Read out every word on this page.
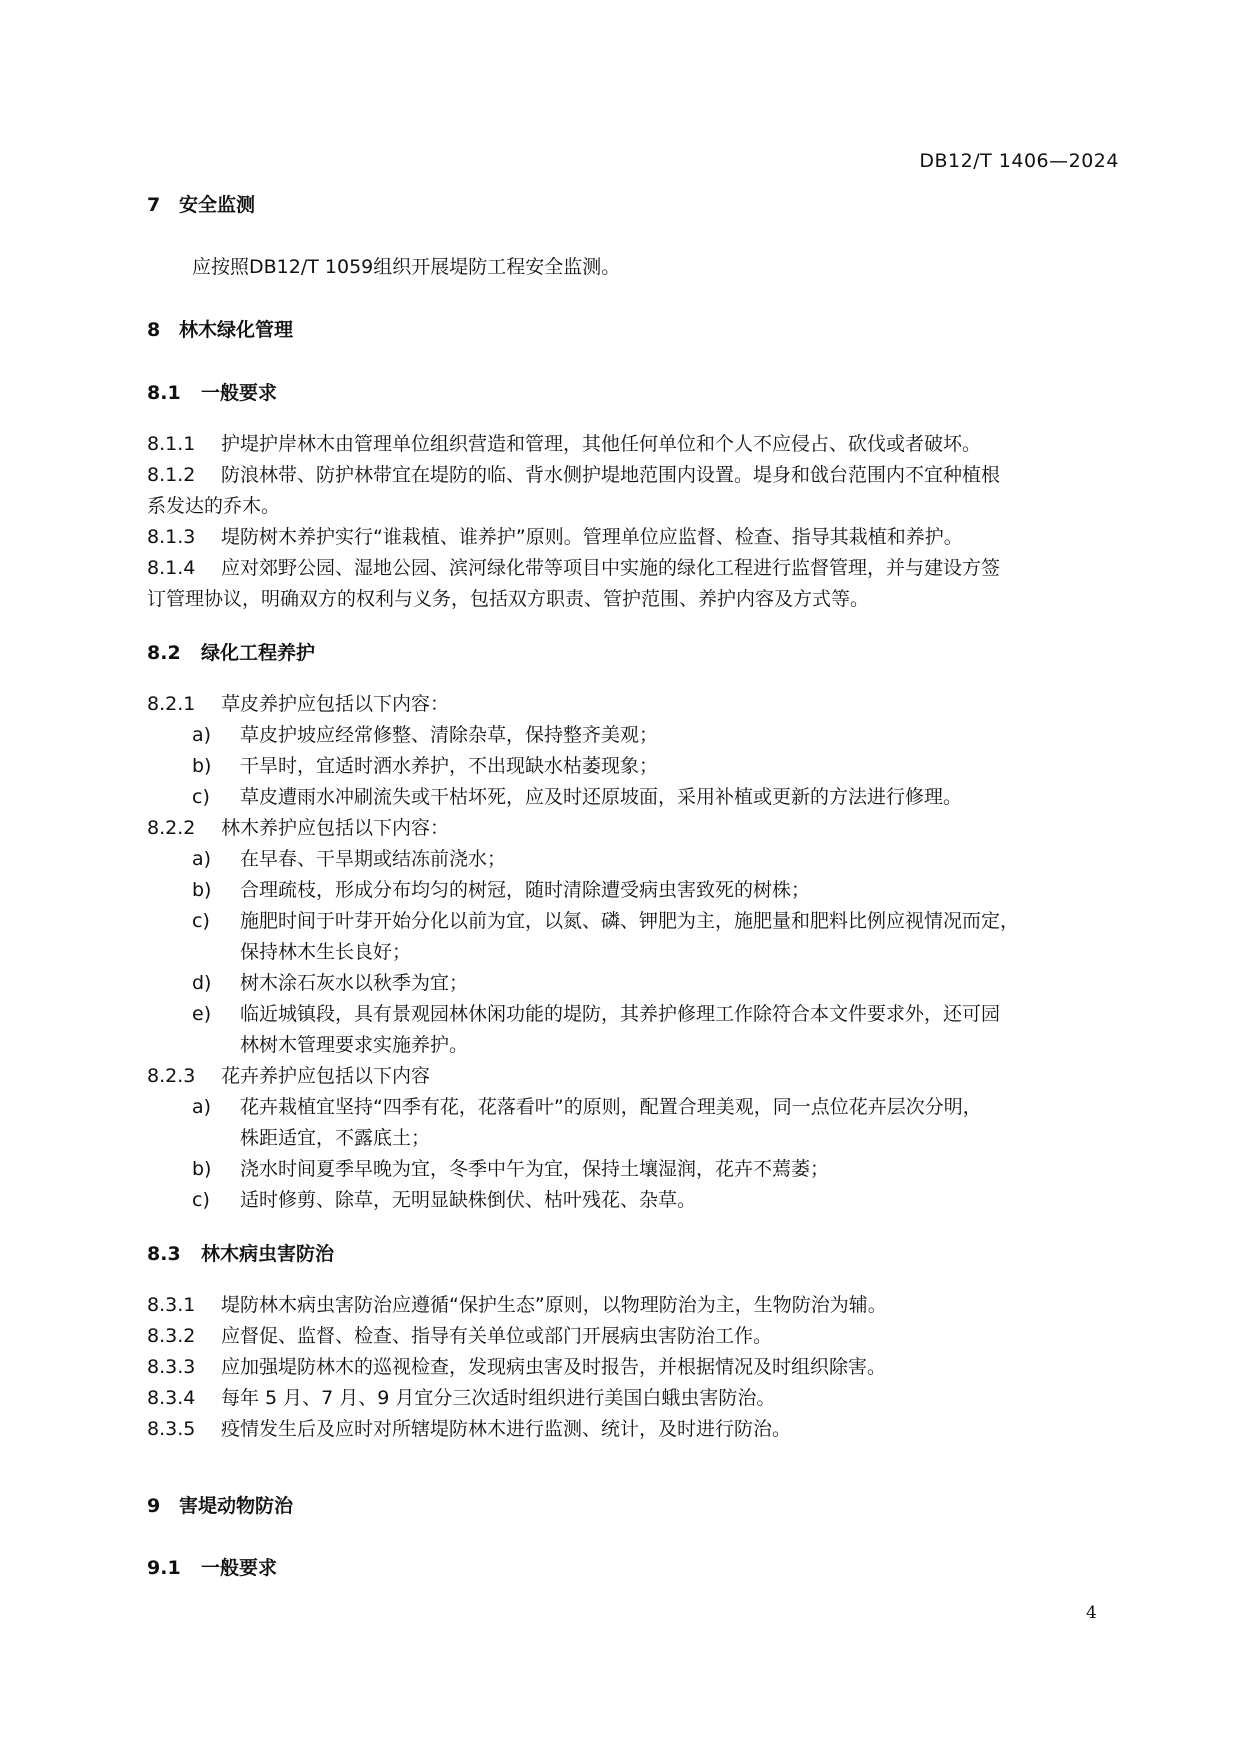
DB12/T 1406—2024
7 安全监测
应按照DB12/T 1059组织开展堤防工程安全监测。
8 林木绿化管理
8.1 一般要求
8.1.1 护堤护岸林木由管理单位组织营造和管理，其他任何单位和个人不应侵占、砍伐或者破坏。
8.1.2 防浪林带、防护林带宜在堤防的临、背水侧护堤地范围内设置。堤身和戗台范围内不宜种植根
系发达的乔木。
8.1.3 堤防树木养护实行“谁栽植、谁养护”原则。管理单位应监督、检查、指导其栽植和养护。
8.1.4 应对郊野公园、湿地公园、滨河绿化带等项目中实施的绿化工程进行监督管理，并与建设方签
订管理协议，明确双方的权利与义务，包括双方职责、管护范围、养护内容及方式等。
8.2 绿化工程养护
8.2.1 草皮养护应包括以下内容：
a) 草皮护坡应经常修整、清除杂草，保持整齐美观；
b) 干旱时，宜适时洒水养护，不出现缺水枯萎现象；
c) 草皮遭雨水冲刷流失或干枯坏死，应及时还原坡面，采用补植或更新的方法进行修理。
8.2.2 林木养护应包括以下内容：
a) 在早春、干旱期或结冻前浇水；
b) 合理疏枝，形成分布均匀的树冠，随时清除遭受病虫害致死的树株；
c) 施肥时间于叶芽开始分化以前为宜，以氮、磷、钾肥为主，施肥量和肥料比例应视情况而定，
保持林木生长良好；
d) 树木涂石灰水以秋季为宜；
e) 临近城镇段，具有景观园林休闲功能的堤防，其养护修理工作除符合本文件要求外，还可园
林树木管理要求实施养护。
8.2.3 花卉养护应包括以下内容
a) 花卉栽植宜坚持“四季有花，花落看叶”的原则，配置合理美观，同一点位花卉层次分明，
株距适宜，不露底土；
b) 浇水时间夏季早晚为宜，冬季中午为宜，保持土壤湿润，花卉不蔫萎；
c) 适时修剪、除草，无明显缺株倒伏、枯叶残花、杂草。
8.3 林木病虫害防治
8.3.1 堤防林木病虫害防治应遵循“保护生态”原则，以物理防治为主，生物防治为辅。
8.3.2 应督促、监督、检查、指导有关单位或部门开展病虫害防治工作。
8.3.3 应加强堤防林木的巡视检查，发现病虫害及时报告，并根据情况及时组织除害。
8.3.4 每年 5 月、7 月、9 月宜分三次适时组织进行美国白蛾虫害防治。
8.3.5 疫情发生后及应时对所辖堤防林木进行监测、统计，及时进行防治。
9 害堤动物防治
9.1 一般要求
4
